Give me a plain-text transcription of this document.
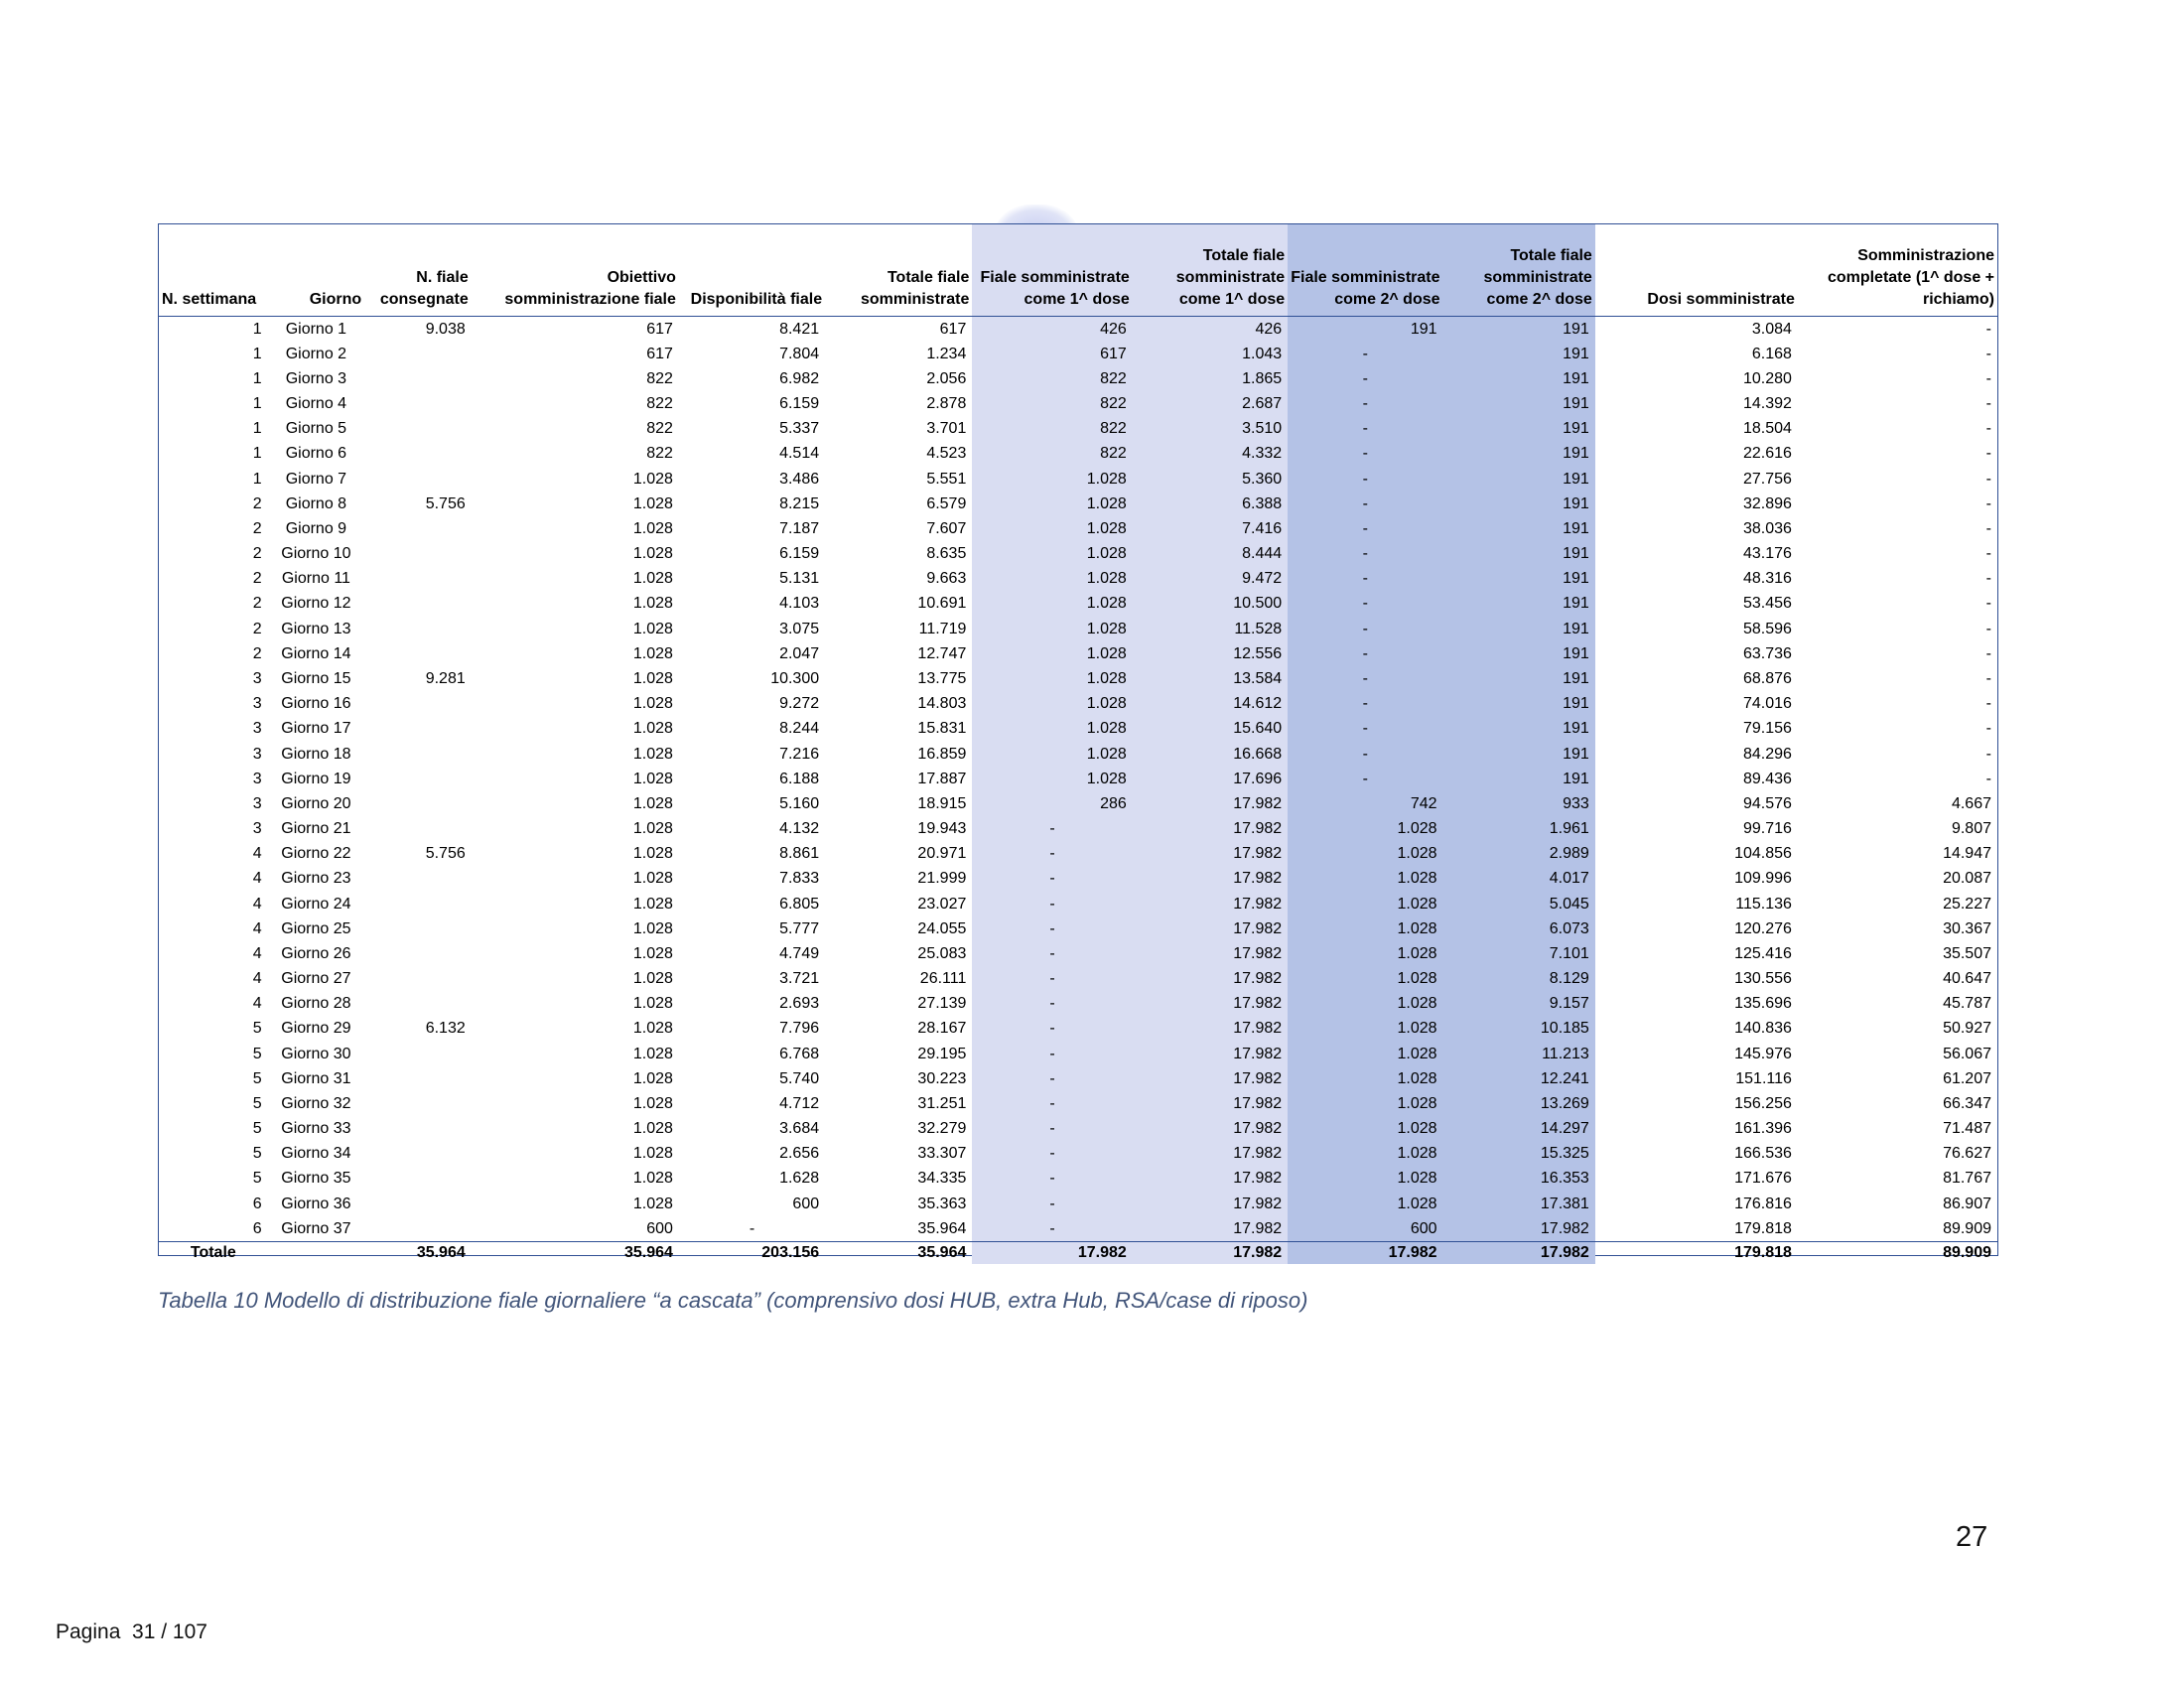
N. settimana	Giorno	N. fiale consegnate	Obiettivo somministrazione fiale	Disponibilità fiale	Totale fiale somministrate	Fiale somministrate come 1^ dose	Totale fiale somministrate come 1^ dose	Fiale somministrate come 2^ dose	Totale fiale somministrate come 2^ dose	Dosi somministrate	Somministrazione completate (1^ dose + richiamo)
1	Giorno 1	9.038	617	8.421	617	426	426	191	191	3.084	-
1	Giorno 2		617	7.804	1.234	617	1.043	-	191	6.168	-
1	Giorno 3		822	6.982	2.056	822	1.865	-	191	10.280	-
1	Giorno 4		822	6.159	2.878	822	2.687	-	191	14.392	-
1	Giorno 5		822	5.337	3.701	822	3.510	-	191	18.504	-
1	Giorno 6		822	4.514	4.523	822	4.332	-	191	22.616	-
1	Giorno 7		1.028	3.486	5.551	1.028	5.360	-	191	27.756	-
2	Giorno 8	5.756	1.028	8.215	6.579	1.028	6.388	-	191	32.896	-
2	Giorno 9		1.028	7.187	7.607	1.028	7.416	-	191	38.036	-
2	Giorno 10		1.028	6.159	8.635	1.028	8.444	-	191	43.176	-
2	Giorno 11		1.028	5.131	9.663	1.028	9.472	-	191	48.316	-
2	Giorno 12		1.028	4.103	10.691	1.028	10.500	-	191	53.456	-
2	Giorno 13		1.028	3.075	11.719	1.028	11.528	-	191	58.596	-
2	Giorno 14		1.028	2.047	12.747	1.028	12.556	-	191	63.736	-
3	Giorno 15	9.281	1.028	10.300	13.775	1.028	13.584	-	191	68.876	-
3	Giorno 16		1.028	9.272	14.803	1.028	14.612	-	191	74.016	-
3	Giorno 17		1.028	8.244	15.831	1.028	15.640	-	191	79.156	-
3	Giorno 18		1.028	7.216	16.859	1.028	16.668	-	191	84.296	-
3	Giorno 19		1.028	6.188	17.887	1.028	17.696	-	191	89.436	-
3	Giorno 20		1.028	5.160	18.915	286	17.982	742	933	94.576	4.667
3	Giorno 21		1.028	4.132	19.943	-	17.982	1.028	1.961	99.716	9.807
4	Giorno 22	5.756	1.028	8.861	20.971	-	17.982	1.028	2.989	104.856	14.947
4	Giorno 23		1.028	7.833	21.999	-	17.982	1.028	4.017	109.996	20.087
4	Giorno 24		1.028	6.805	23.027	-	17.982	1.028	5.045	115.136	25.227
4	Giorno 25		1.028	5.777	24.055	-	17.982	1.028	6.073	120.276	30.367
4	Giorno 26		1.028	4.749	25.083	-	17.982	1.028	7.101	125.416	35.507
4	Giorno 27		1.028	3.721	26.111	-	17.982	1.028	8.129	130.556	40.647
4	Giorno 28		1.028	2.693	27.139	-	17.982	1.028	9.157	135.696	45.787
5	Giorno 29	6.132	1.028	7.796	28.167	-	17.982	1.028	10.185	140.836	50.927
5	Giorno 30		1.028	6.768	29.195	-	17.982	1.028	11.213	145.976	56.067
5	Giorno 31		1.028	5.740	30.223	-	17.982	1.028	12.241	151.116	61.207
5	Giorno 32		1.028	4.712	31.251	-	17.982	1.028	13.269	156.256	66.347
5	Giorno 33		1.028	3.684	32.279	-	17.982	1.028	14.297	161.396	71.487
5	Giorno 34		1.028	2.656	33.307	-	17.982	1.028	15.325	166.536	76.627
5	Giorno 35		1.028	1.628	34.335	-	17.982	1.028	16.353	171.676	81.767
6	Giorno 36		1.028	600	35.363	-	17.982	1.028	17.381	176.816	86.907
6	Giorno 37		600	-	35.964	-	17.982	600	17.982	179.818	89.909
Totale		35.964	35.964	203.156	35.964	17.982	17.982	17.982	17.982	179.818	89.909
Tabella 10 Modello di distribuzione fiale giornaliere “a cascata” (comprensivo dosi HUB, extra Hub, RSA/case di riposo)
27
Pagina  31 / 107
